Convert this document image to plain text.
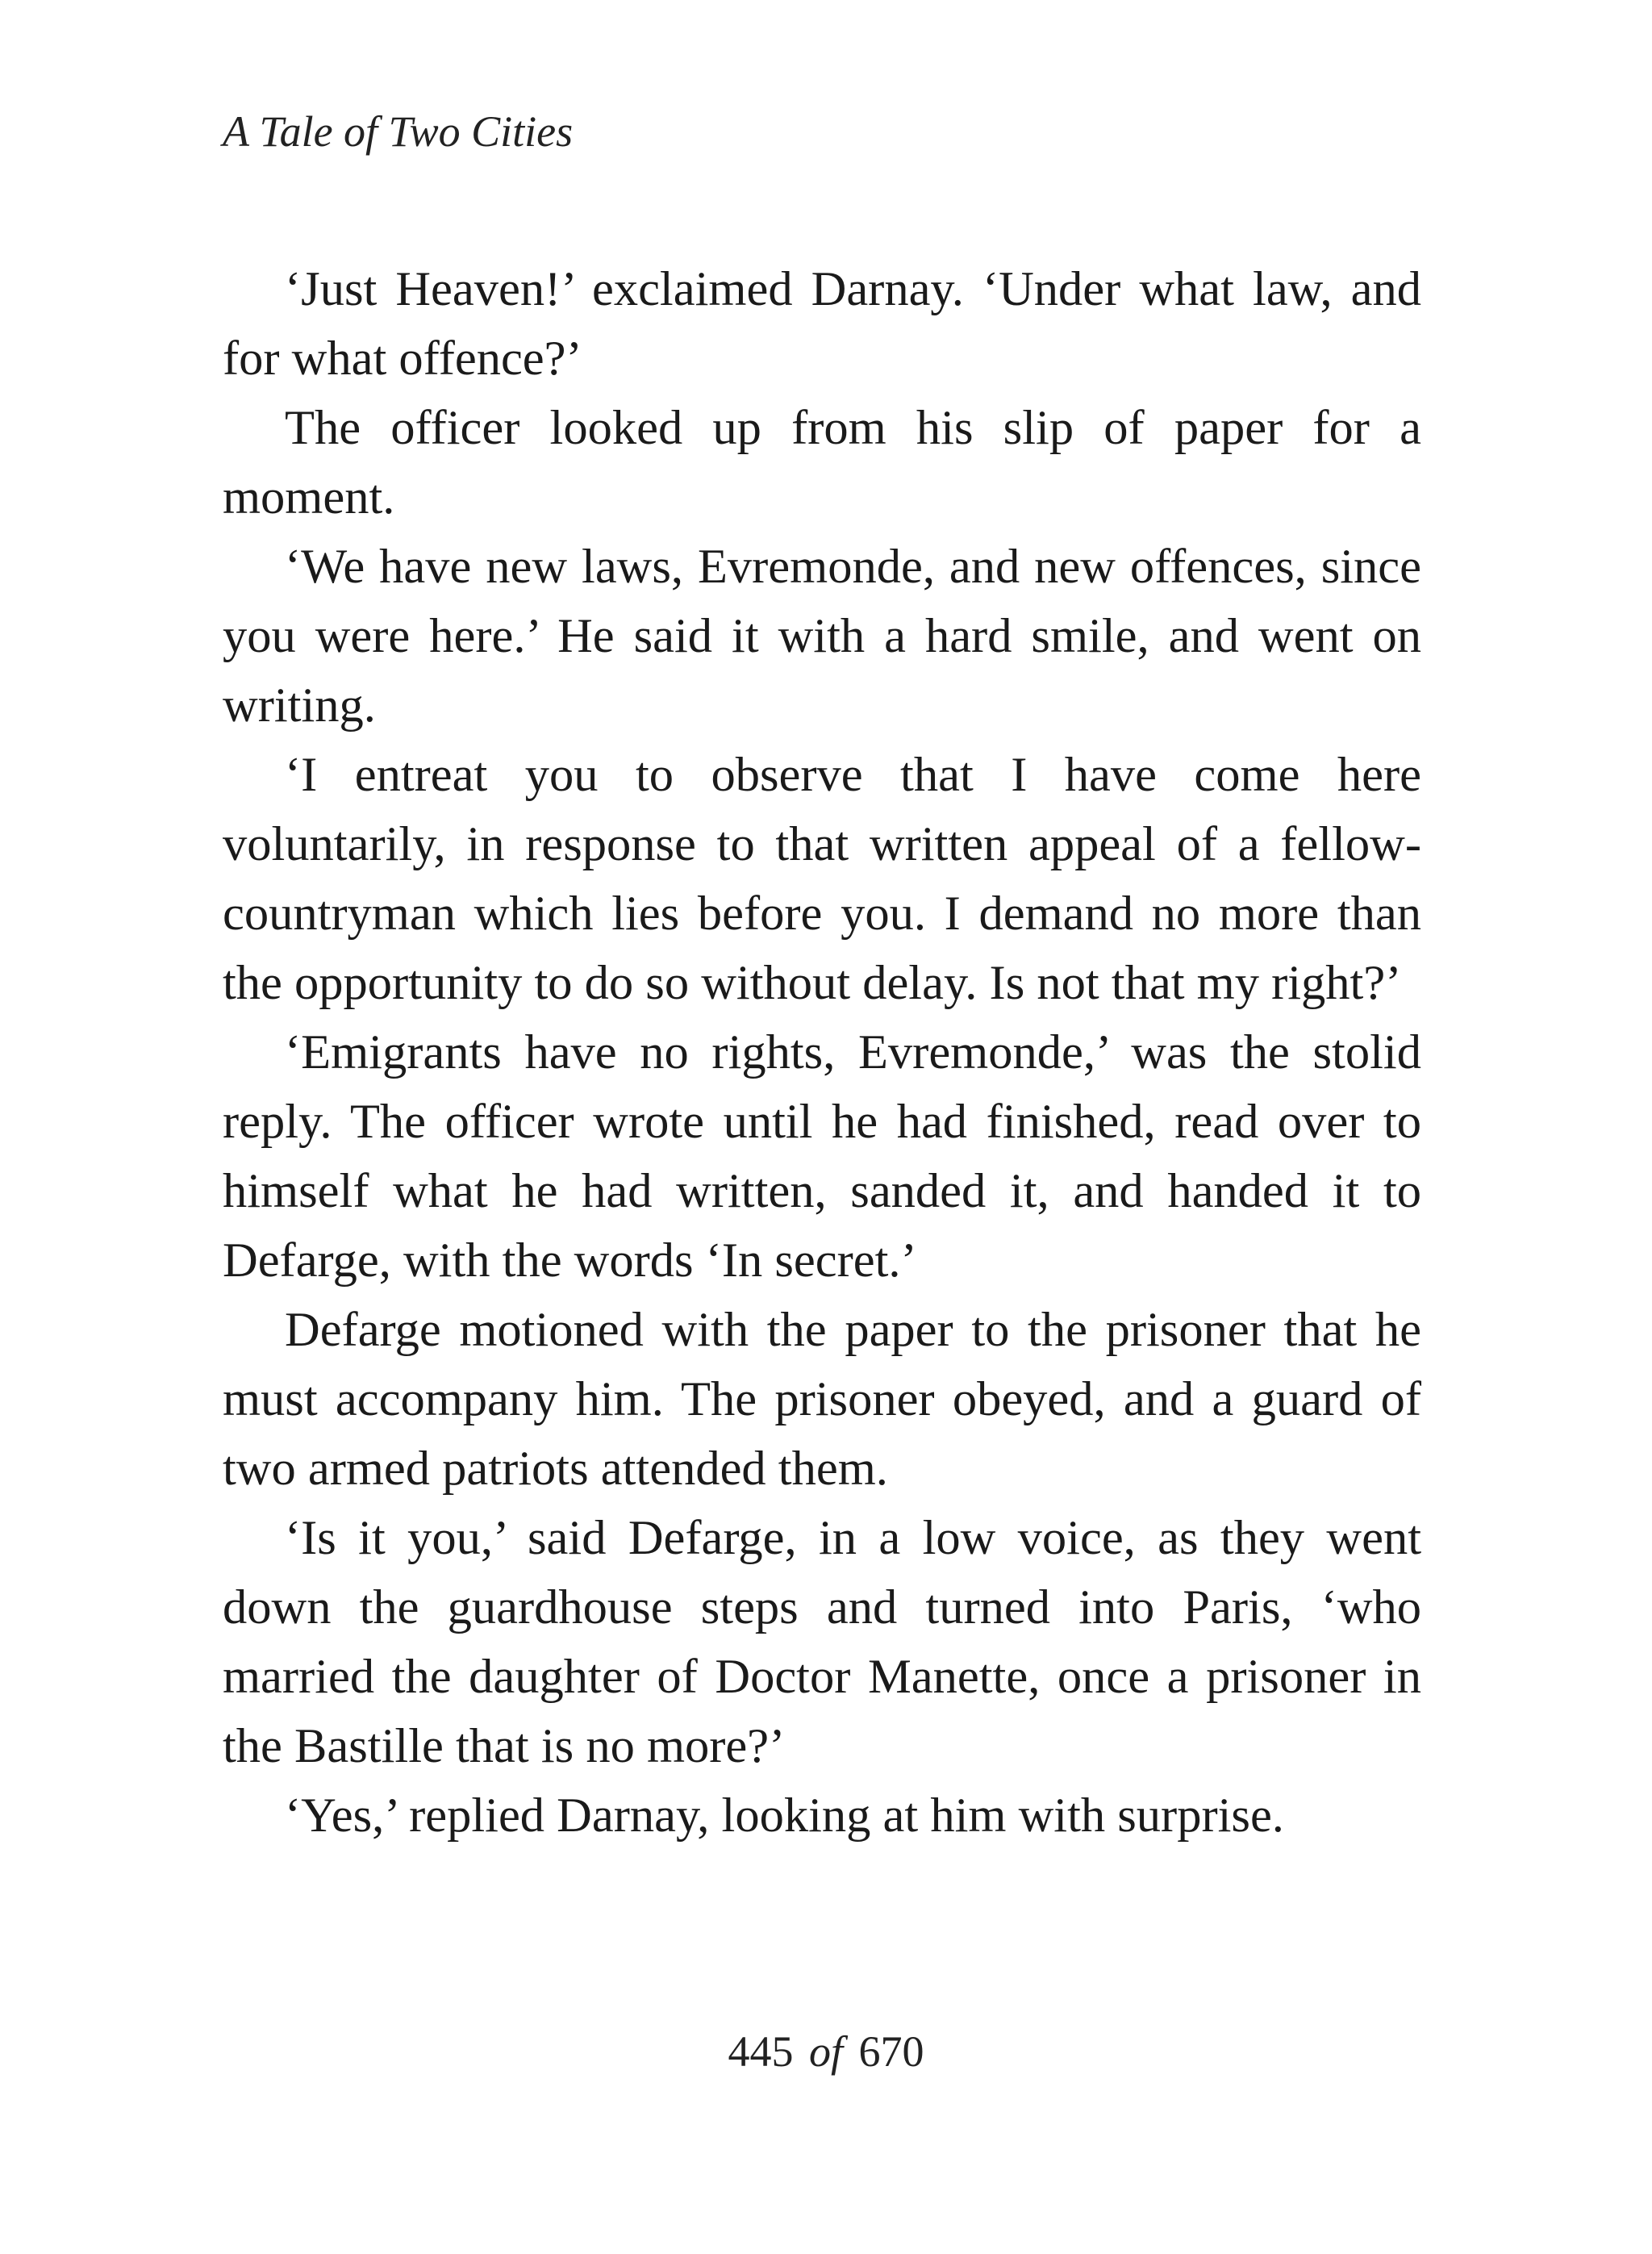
A Tale of Two Cities

‘Just Heaven!’ exclaimed Darnay. ‘Under what law, and for what offence?’

The officer looked up from his slip of paper for a moment.

‘We have new laws, Evremonde, and new offences, since you were here.’ He said it with a hard smile, and went on writing.

‘I entreat you to observe that I have come here voluntarily, in response to that written appeal of a fellow-countryman which lies before you. I demand no more than the opportunity to do so without delay. Is not that my right?’

‘Emigrants have no rights, Evremonde,’ was the stolid reply. The officer wrote until he had finished, read over to himself what he had written, sanded it, and handed it to Defarge, with the words ‘In secret.’

Defarge motioned with the paper to the prisoner that he must accompany him. The prisoner obeyed, and a guard of two armed patriots attended them.

‘Is it you,’ said Defarge, in a low voice, as they went down the guardhouse steps and turned into Paris, ‘who married the daughter of Doctor Manette, once a prisoner in the Bastille that is no more?’

‘Yes,’ replied Darnay, looking at him with surprise.

445 of 670
